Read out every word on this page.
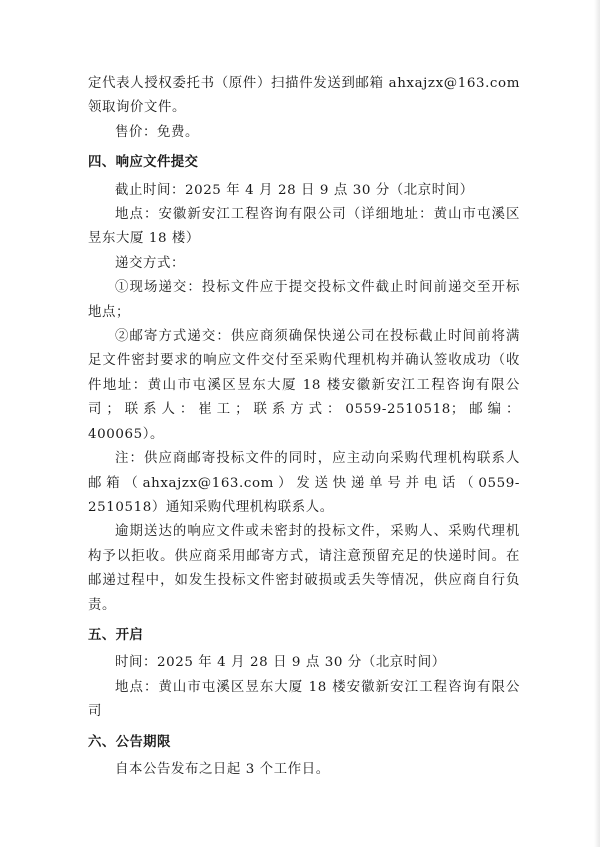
定代表人授权委托书（原件）扫描件发送到邮箱 ahxajzx@163.com 领取询价文件。

售价：免费。

四、响应文件提交

截止时间：2025 年 4 月 28 日 9 点 30 分（北京时间）

地点：安徽新安江工程咨询有限公司（详细地址：黄山市屯溪区昱东大厦 18 楼）

递交方式：

①现场递交：投标文件应于提交投标文件截止时间前递交至开标地点；

②邮寄方式递交：供应商须确保快递公司在投标截止时间前将满足文件密封要求的响应文件交付至采购代理机构并确认签收成功（收件地址：黄山市屯溪区昱东大厦 18 楼安徽新安江工程咨询有限公司；联系人：崔工；联系方式：0559-2510518；邮编：400065）。

注：供应商邮寄投标文件的同时，应主动向采购代理机构联系人邮箱（ahxajzx@163.com）发送快递单号并电话（0559-2510518）通知采购代理机构联系人。

逾期送达的响应文件或未密封的投标文件，采购人、采购代理机构予以拒收。供应商采用邮寄方式，请注意预留充足的快递时间。在邮递过程中，如发生投标文件密封破损或丢失等情况，供应商自行负责。

五、开启

时间：2025 年 4 月 28 日 9 点 30 分（北京时间）

地点：黄山市屯溪区昱东大厦 18 楼安徽新安江工程咨询有限公司

六、公告期限

自本公告发布之日起 3 个工作日。
